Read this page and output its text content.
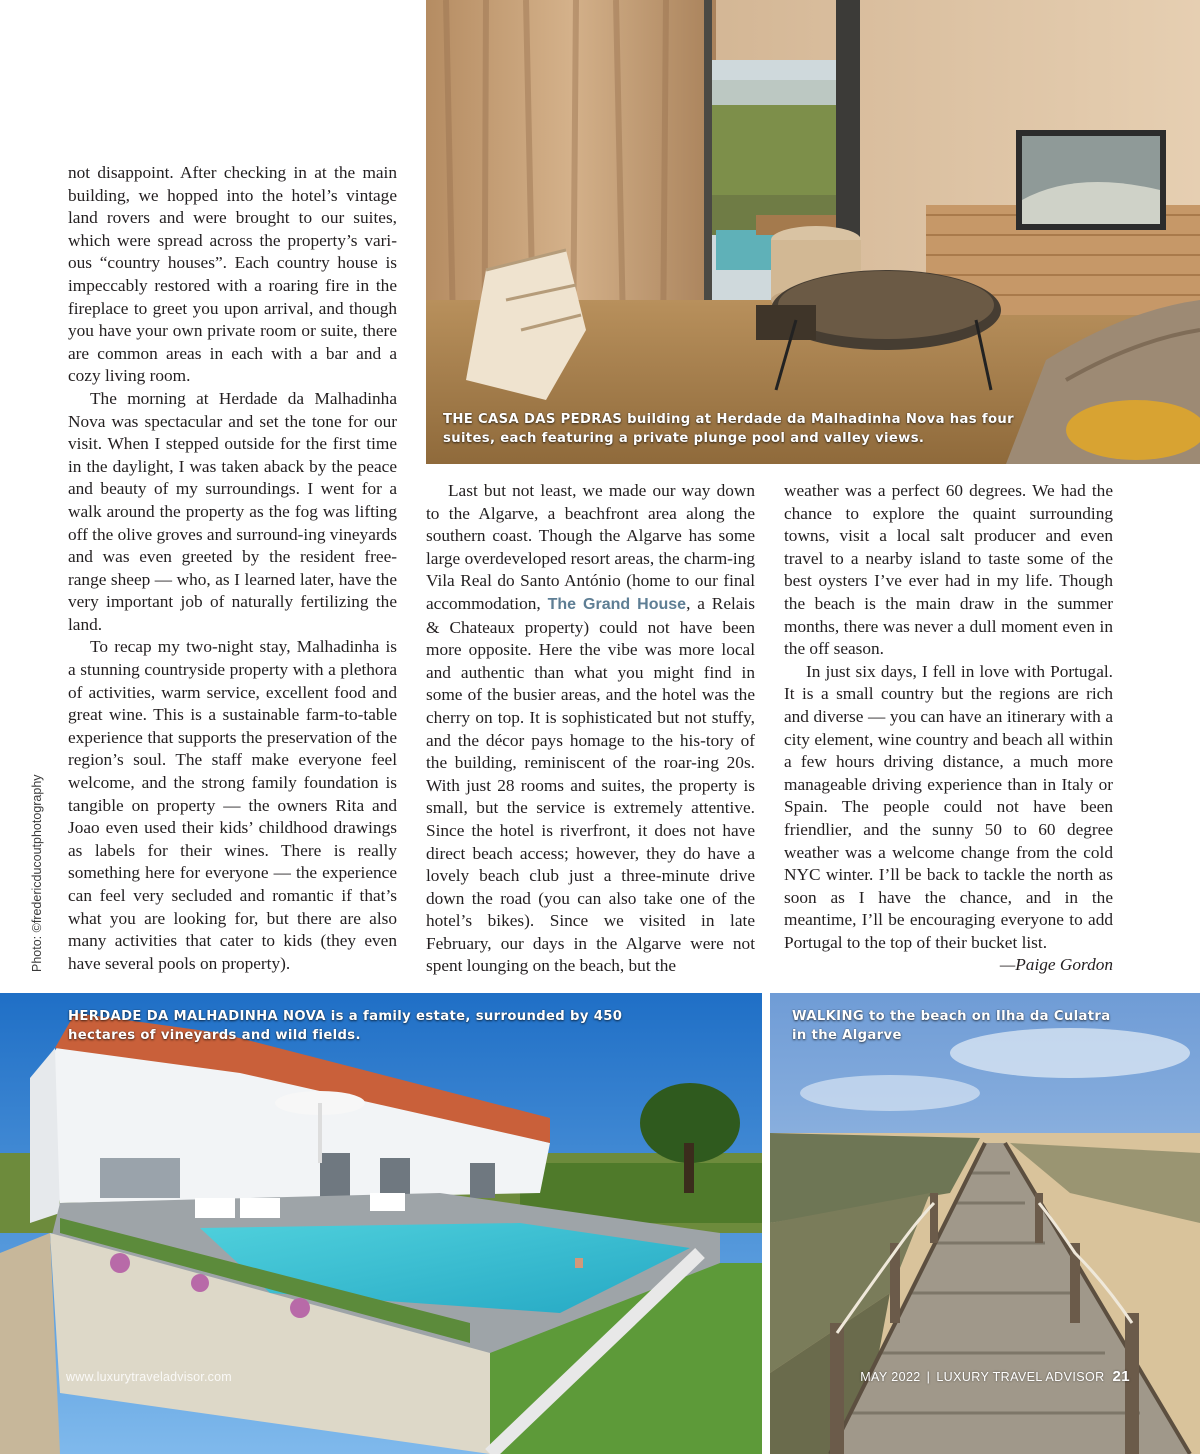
THE CASA DAS PEDRAS building at Herdade da Malhadinha Nova has four suites, each featuring a private plunge pool and valley views.
Photo: ©fredericducoutphotography

not disappoint. After checking in at the main building, we hopped into the hotel’s vintage land rovers and were brought to our suites, which were spread across the property’s vari-ous “country houses”. Each country house is impeccably restored with a roaring fire in the fireplace to greet you upon arrival, and though you have your own private room or suite, there are common areas in each with a bar and a cozy living room.

The morning at Herdade da Malhadinha Nova was spectacular and set the tone for our visit. When I stepped outside for the first time in the daylight, I was taken aback by the peace and beauty of my surroundings. I went for a walk around the property as the fog was lifting off the olive groves and surround-ing vineyards and was even greeted by the resident free-range sheep — who, as I learned later, have the very important job of naturally fertilizing the land.

To recap my two-night stay, Malhadinha is a stunning countryside property with a plethora of activities, warm service, excellent food and great wine. This is a sustainable farm-to-table experience that supports the preservation of the region’s soul. The staff make everyone feel welcome, and the strong family foundation is tangible on property — the owners Rita and Joao even used their kids’ childhood drawings as labels for their wines. There is really something here for everyone — the experience can feel very secluded and romantic if that’s what you are looking for, but there are also many activities that cater to kids (they even have several pools on property).

Last but not least, we made our way down to the Algarve, a beachfront area along the southern coast. Though the Algarve has some large overdeveloped resort areas, the charm-ing Vila Real do Santo António (home to our final accommodation, The Grand House, a Relais & Chateaux property) could not have been more opposite. Here the vibe was more local and authentic than what you might find in some of the busier areas, and the hotel was the cherry on top. It is sophisticated but not stuffy, and the décor pays homage to the his-tory of the building, reminiscent of the roar-ing 20s. With just 28 rooms and suites, the property is small, but the service is extremely attentive. Since the hotel is riverfront, it does not have direct beach access; however, they do have a lovely beach club just a three-minute drive down the road (you can also take one of the hotel’s bikes). Since we visited in late February, our days in the Algarve were not spent lounging on the beach, but the

weather was a perfect 60 degrees. We had the chance to explore the quaint surrounding towns, visit a local salt producer and even travel to a nearby island to taste some of the best oysters I’ve ever had in my life. Though the beach is the main draw in the summer months, there was never a dull moment even in the off season.

In just six days, I fell in love with Portugal. It is a small country but the regions are rich and diverse — you can have an itinerary with a city element, wine country and beach all within a few hours driving distance, a much more manageable driving experience than in Italy or Spain. The people could not have been friendlier, and the sunny 50 to 60 degree weather was a welcome change from the cold NYC winter. I’ll be back to tackle the north as soon as I have the chance, and in the meantime, I’ll be encouraging everyone to add Portugal to the top of their bucket list.

—Paige Gordon

HERDADE DA MALHADINHA NOVA is a family estate, surrounded by 450 hectares of vineyards and wild fields.
WALKING to the beach on Ilha da Culatra in the Algarve
www.luxurytraveladvisor.com	MAY 2022 | LUXURY TRAVEL ADVISOR 21
